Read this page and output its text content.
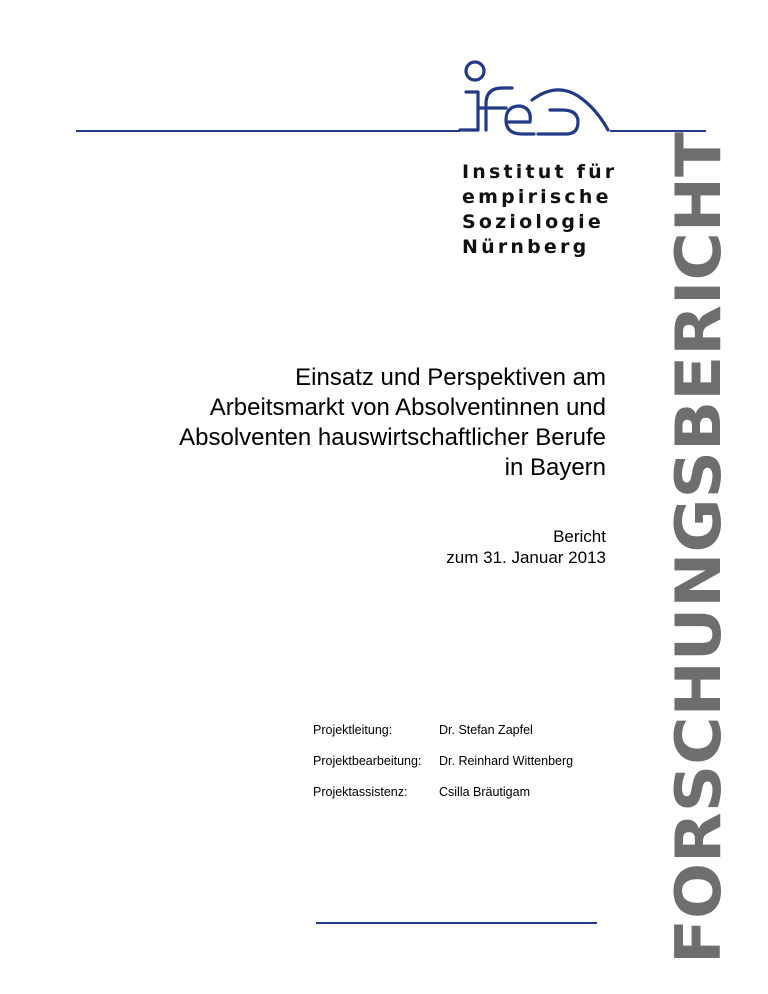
Institut für
empirische
Soziologie
Nürnberg	FORSCHUNGSBERICHT
Einsatz und Perspektiven am
Arbeitsmarkt von Absolventinnen und
Absolventen hauswirtschaftlicher Berufe
in Bayern
Bericht
zum 31. Januar 2013
Projektleitung:	Dr. Stefan Zapfel
Projektbearbeitung: Dr. Reinhard Wittenberg
Projektassistenz:	Csilla Bräutigam
